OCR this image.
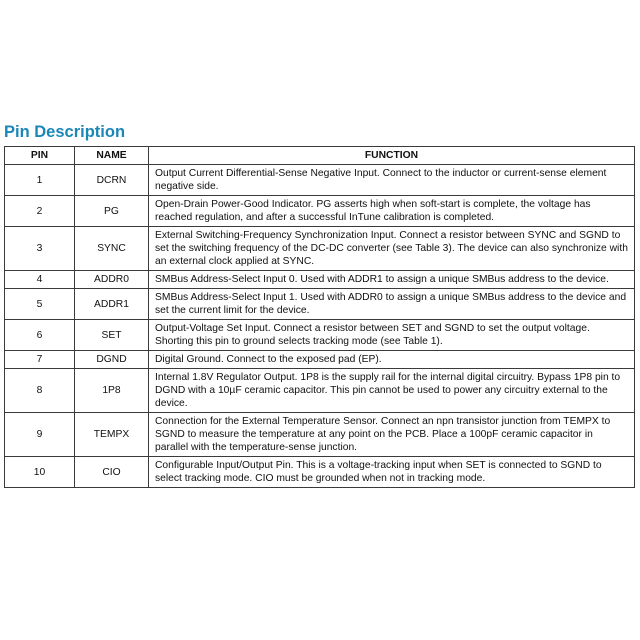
Pin Description
PIN	NAME	FUNCTION
1	DCRN	Output Current Differential-Sense Negative Input. Connect to the inductor or current-sense element negative side.
2	PG	Open-Drain Power-Good Indicator. PG asserts high when soft-start is complete, the voltage has reached regulation, and after a successful InTune calibration is completed.
3	SYNC	External Switching-Frequency Synchronization Input. Connect a resistor between SYNC and SGND to set the switching frequency of the DC-DC converter (see Table 3). The device can also synchronize with an external clock applied at SYNC.
4	ADDR0	SMBus Address-Select Input 0. Used with ADDR1 to assign a unique SMBus address to the device.
5	ADDR1	SMBus Address-Select Input 1. Used with ADDR0 to assign a unique SMBus address to the device and set the current limit for the device.
6	SET	Output-Voltage Set Input. Connect a resistor between SET and SGND to set the output voltage. Shorting this pin to ground selects tracking mode (see Table 1).
7	DGND	Digital Ground. Connect to the exposed pad (EP).
8	1P8	Internal 1.8V Regulator Output. 1P8 is the supply rail for the internal digital circuitry. Bypass 1P8 pin to DGND with a 10µF ceramic capacitor. This pin cannot be used to power any circuitry external to the device.
9	TEMPX	Connection for the External Temperature Sensor. Connect an npn transistor junction from TEMPX to SGND to measure the temperature at any point on the PCB. Place a 100pF ceramic capacitor in parallel with the temperature-sense junction.
10	CIO	Configurable Input/Output Pin. This is a voltage-tracking input when SET is connected to SGND to select tracking mode. CIO must be grounded when not in tracking mode.
